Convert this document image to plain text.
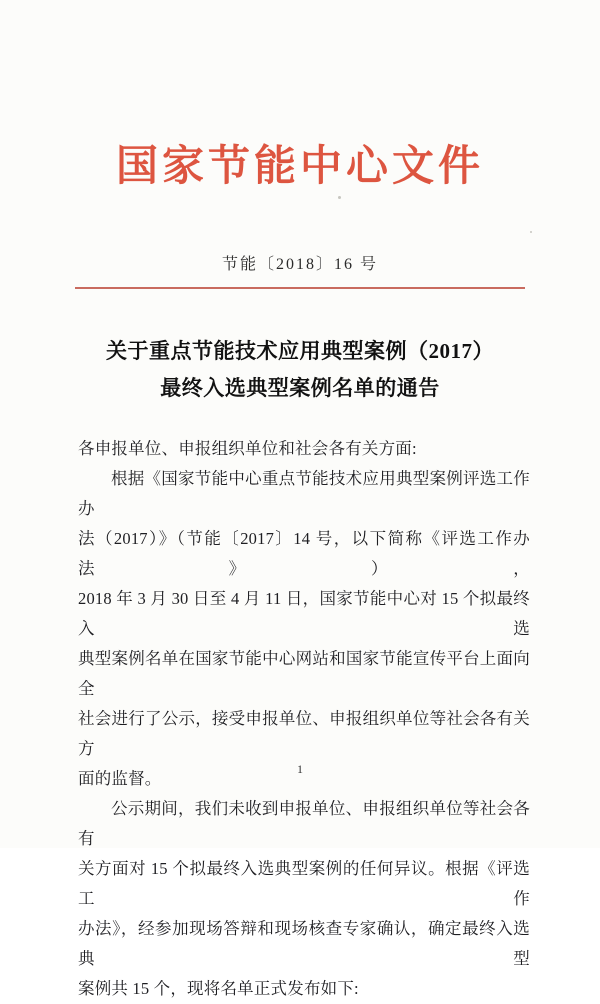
国家节能中心文件
节能〔2018〕16 号
关于重点节能技术应用典型案例（2017）
最终入选典型案例名单的通告
各申报单位、申报组织单位和社会各有关方面:
根据《国家节能中心重点节能技术应用典型案例评选工作办
法（2017）》（节能〔2017〕14 号，以下简称《评选工作办法》），
2018 年 3 月 30 日至 4 月 11 日，国家节能中心对 15 个拟最终入选
典型案例名单在国家节能中心网站和国家节能宣传平台上面向全
社会进行了公示，接受申报单位、申报组织单位等社会各有关方
面的监督。
公示期间，我们未收到申报单位、申报组织单位等社会各有
关方面对 15 个拟最终入选典型案例的任何异议。根据《评选工作
办法》，经参加现场答辩和现场核查专家确认，确定最终入选典型
案例共 15 个，现将名单正式发布如下:
1
